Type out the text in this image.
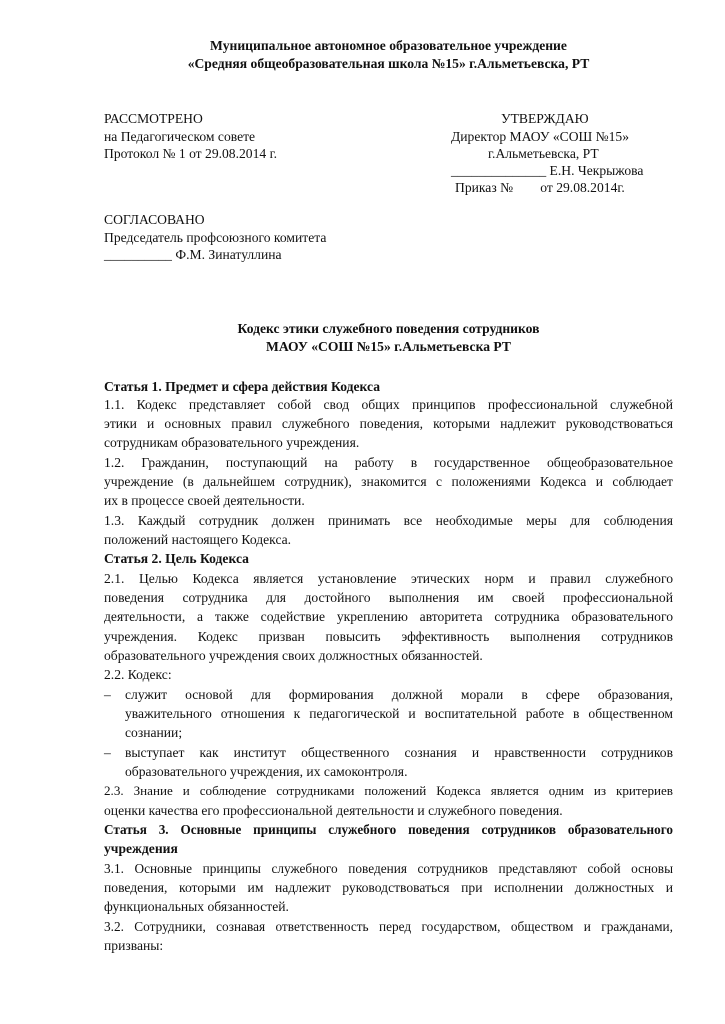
Муниципальное автономное образовательное учреждение
«Средняя общеобразовательная школа №15» г.Альметьевска, РТ
РАССМОТРЕНО
на Педагогическом совете
Протокол № 1 от 29.08.2014 г.
УТВЕРЖДАЮ
Директор МАОУ «СОШ №15»
г.Альметьевска, РТ
______________ Е.Н. Чекрыжова
Приказ №        от 29.08.2014г.
СОГЛАСОВАНО
Председатель профсоюзного комитета
__________ Ф.М. Зинатуллина
Кодекс этики служебного поведения сотрудников
МАОУ «СОШ №15» г.Альметьевска РТ
Статья 1. Предмет и сфера действия Кодекса
1.1. Кодекс представляет собой свод общих принципов профессиональной служебной
этики и основных правил служебного поведения, которыми надлежит руководствоваться
сотрудникам образовательного учреждения.
1.2. Гражданин, поступающий на работу в государственное общеобразовательное
учреждение (в дальнейшем сотрудник), знакомится с положениями Кодекса и соблюдает
их в процессе своей деятельности.
1.3. Каждый сотрудник должен принимать все необходимые меры для соблюдения
положений настоящего Кодекса.
Статья 2. Цель Кодекса
2.1. Целью Кодекса является установление этических норм и правил служебного
поведения сотрудника для достойного выполнения им своей профессиональной
деятельности, а также содействие укреплению авторитета сотрудника образовательного
учреждения. Кодекс призван повысить эффективность выполнения сотрудников
образовательного учреждения своих должностных обязанностей.
2.2. Кодекс:
– служит основой для формирования должной морали в сфере образования,
уважительного отношения к педагогической и воспитательной работе в общественном
сознании;
– выступает как институт общественного сознания и нравственности сотрудников
образовательного учреждения, их самоконтроля.
2.3. Знание и соблюдение сотрудниками положений Кодекса является одним из критериев
оценки качества его профессиональной деятельности и служебного поведения.
Статья 3. Основные принципы служебного поведения сотрудников образовательного
учреждения
3.1. Основные принципы служебного поведения сотрудников представляют собой основы
поведения, которыми им надлежит руководствоваться при исполнении должностных и
функциональных обязанностей.
3.2. Сотрудники, сознавая ответственность перед государством, обществом и гражданами,
призваны:
